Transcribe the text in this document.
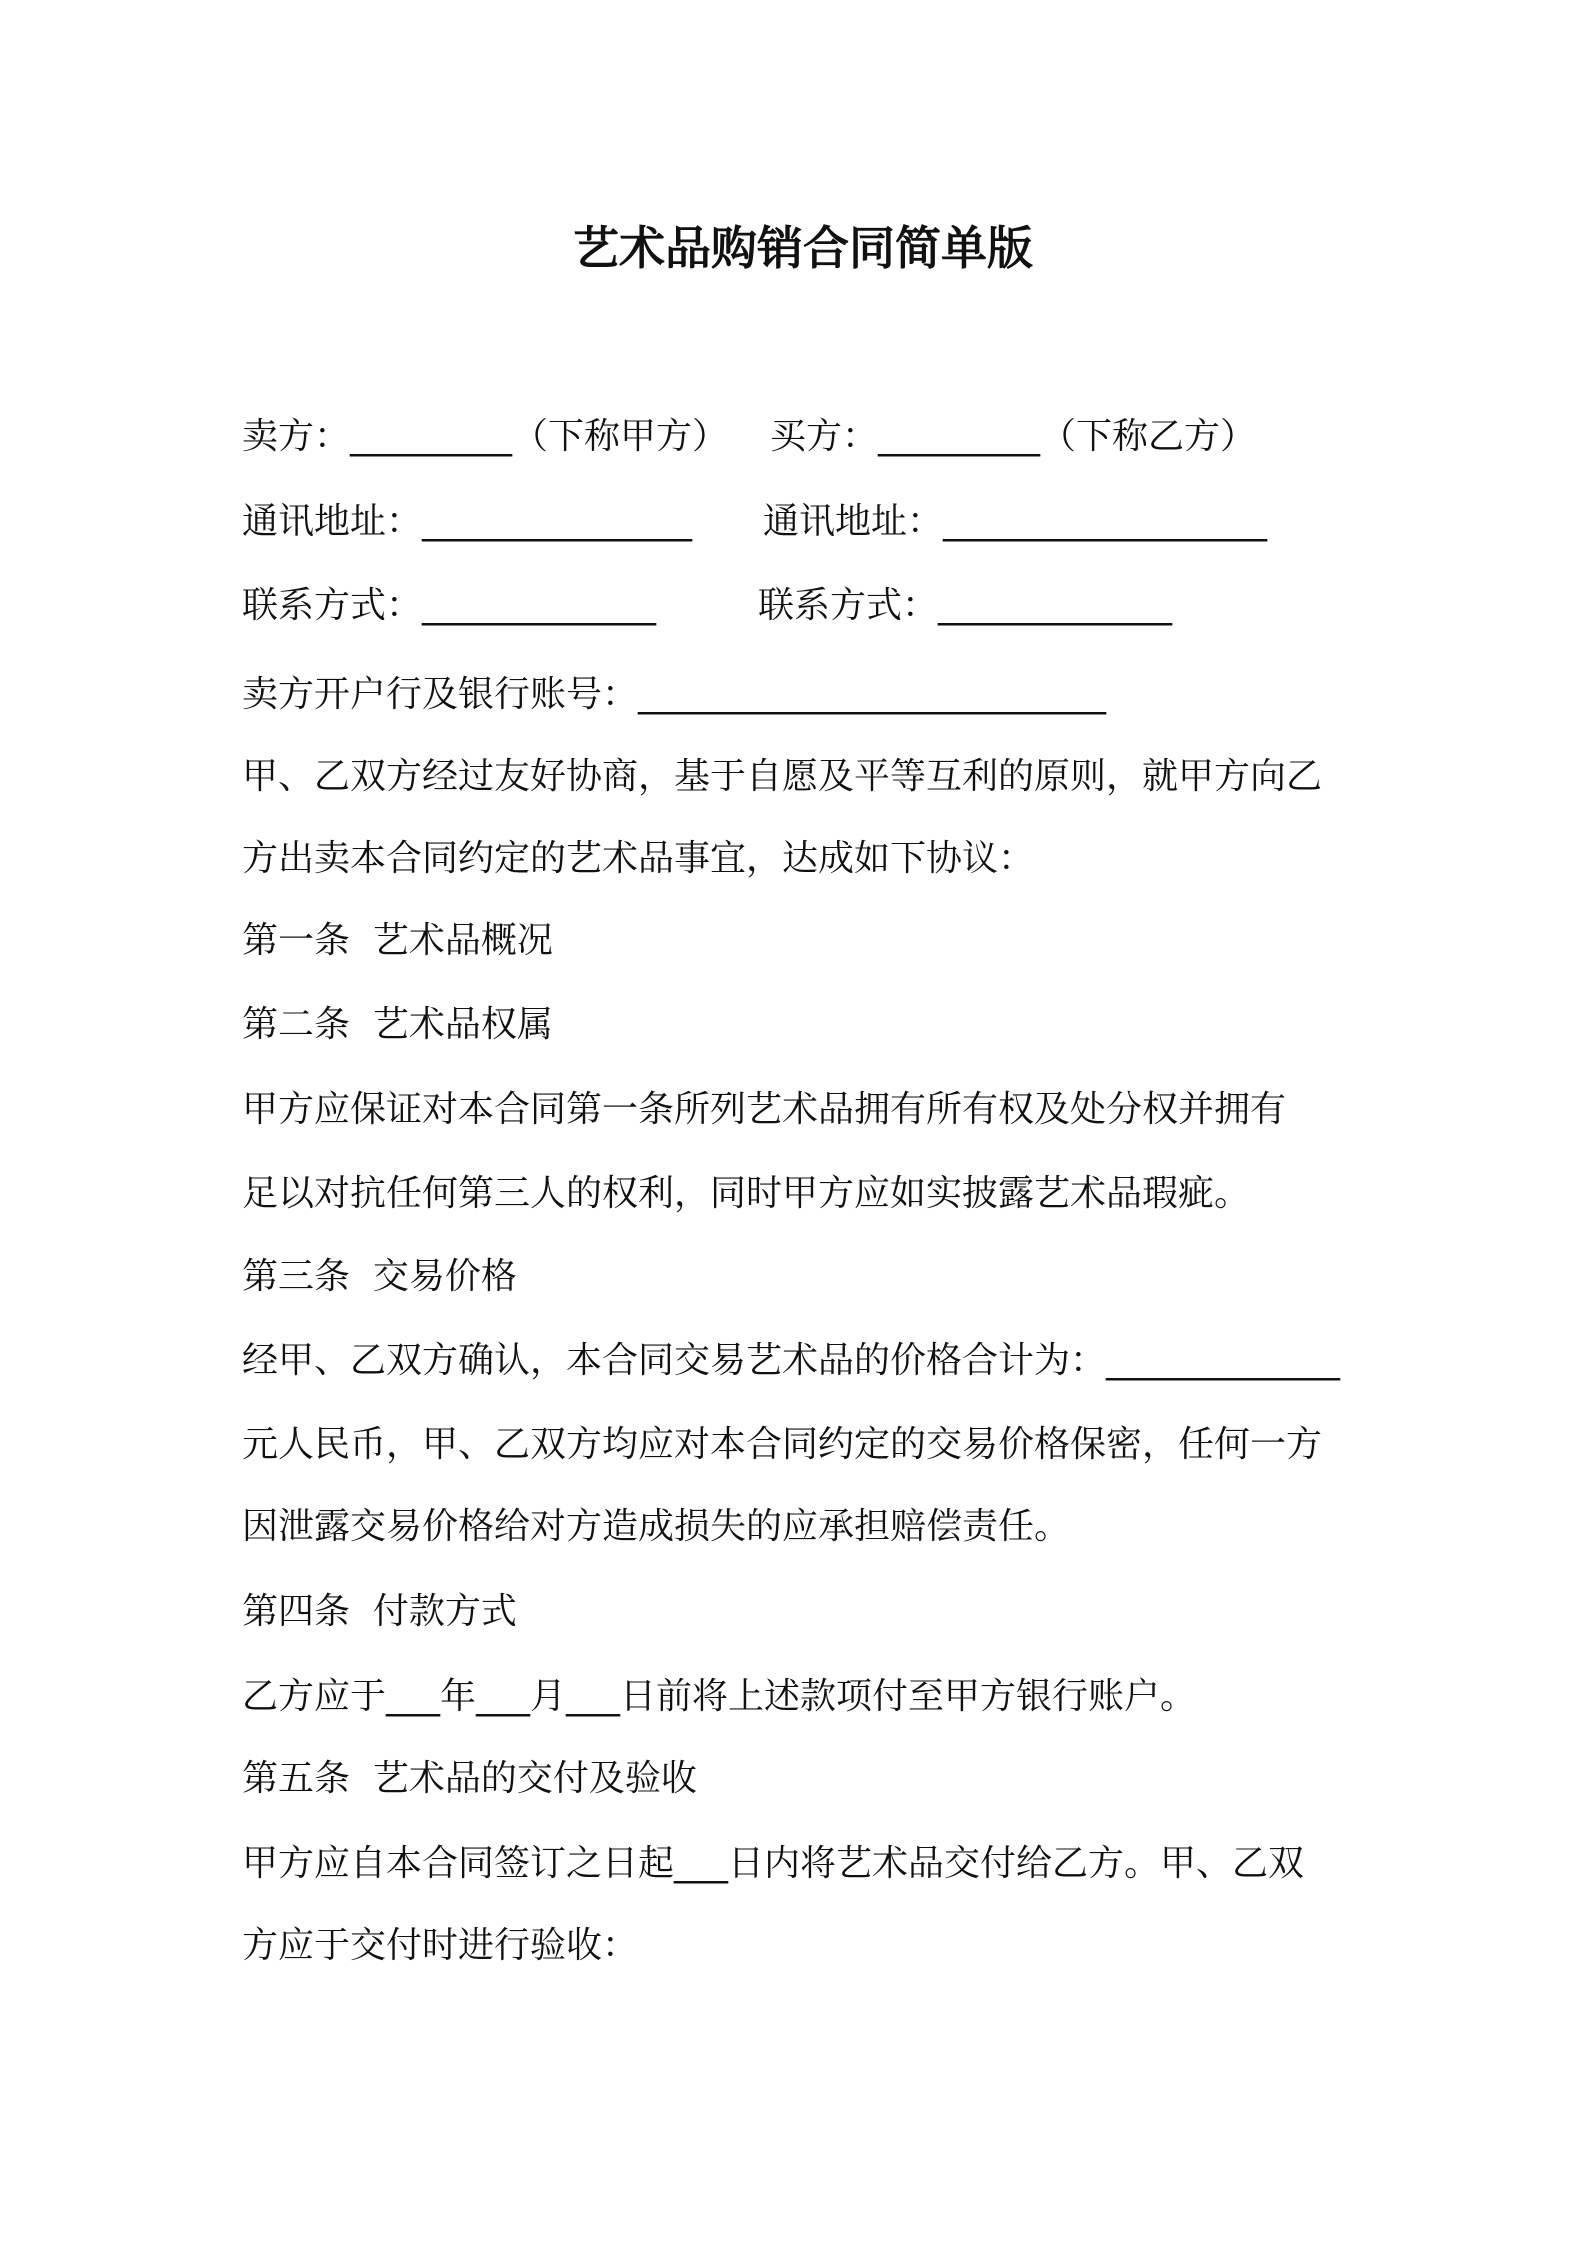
艺术品购销合同简单版
卖方：_________（下称甲方） 买方：_________（下称乙方）
通讯地址：_______________ 通讯地址：__________________
联系方式：_____________	联系方式：_____________
卖方开户行及银行账号：__________________________
甲、乙双方经过友好协商，基于自愿及平等互利的原则，就甲方向乙
方出卖本合同约定的艺术品事宜，达成如下协议：
第一条  艺术品概况
第二条  艺术品权属
甲方应保证对本合同第一条所列艺术品拥有所有权及处分权并拥有
足以对抗任何第三人的权利，同时甲方应如实披露艺术品瑕疵。
第三条  交易价格
经甲、乙双方确认，本合同交易艺术品的价格合计为：_____________
元人民币，甲、乙双方均应对本合同约定的交易价格保密，任何一方
因泄露交易价格给对方造成损失的应承担赔偿责任。
第四条  付款方式
乙方应于___年___月___日前将上述款项付至甲方银行账户。
第五条  艺术品的交付及验收
甲方应自本合同签订之日起___日内将艺术品交付给乙方。甲、乙双
方应于交付时进行验收：
